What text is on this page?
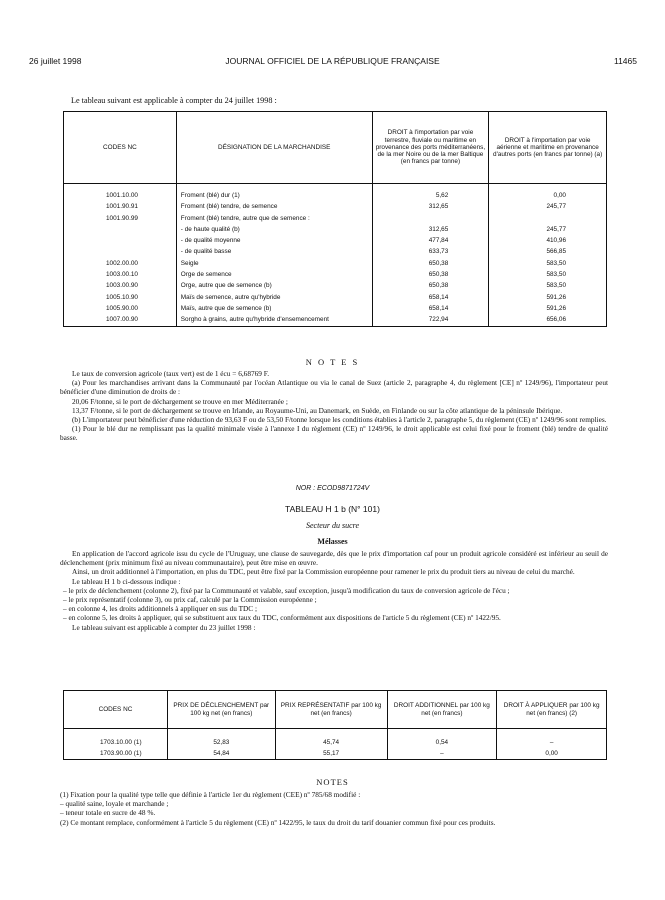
26 juillet 1998	JOURNAL OFFICIEL DE LA RÉPUBLIQUE FRANÇAISE	11465
Le tableau suivant est applicable à compter du 24 juillet 1998 :
CODES NC	DÉSIGNATION DE LA MARCHANDISE	DROIT à l'importation par voie terrestre, fluviale ou maritime en provenance des ports méditerranéens, de la mer Noire ou de la mer Baltique (en francs par tonne)	DROIT à l'importation par voie aérienne et maritime en provenance d'autres ports (en francs par tonne) (a)

1001.10.00	Froment (blé) dur (1)	5,62	0,00
1001.90.91	Froment (blé) tendre, de semence	312,65	245,77
1001.90.99	Froment (blé) tendre, autre que de semence :		
	- de haute qualité (b)	312,65	245,77
	- de qualité moyenne	477,84	410,96
	- de qualité basse	633,73	566,85
1002.00.00	Seigle	650,38	583,50
1003.00.10	Orge de semence	650,38	583,50
1003.00.90	Orge, autre que de semence (b)	650,38	583,50
1005.10.90	Maïs de semence, autre qu'hybride	658,14	591,26
1005.90.00	Maïs, autre que de semence (b)	658,14	591,26
1007.00.90	Sorgho à grains, autre qu'hybride d'ensemencement	722,94	656,06
N O T E S
Le taux de conversion agricole (taux vert) est de 1 écu = 6,68769 F.
(a) Pour les marchandises arrivant dans la Communauté par l'océan Atlantique ou via le canal de Suez (article 2, paragraphe 4, du règlement [CE] nº 1249/96), l'importateur peut bénéficier d'une diminution de droits de :
20,06 F/tonne, si le port de déchargement se trouve en mer Méditerranée ;
13,37 F/tonne, si le port de déchargement se trouve en Irlande, au Royaume-Uni, au Danemark, en Suède, en Finlande ou sur la côte atlantique de la péninsule Ibérique.
(b) L'importateur peut bénéficier d'une réduction de 93,63 F ou de 53,50 F/tonne lorsque les conditions établies à l'article 2, paragraphe 5, du règlement (CE) nº 1249/96 sont remplies.
(1) Pour le blé dur ne remplissant pas la qualité minimale visée à l'annexe I du règlement (CE) nº 1249/96, le droit applicable est celui fixé pour le froment (blé) tendre de qualité basse.
NOR : ECOD9871724V
TABLEAU H 1 b (N° 101)
Secteur du sucre
Mélasses
En application de l'accord agricole issu du cycle de l'Uruguay, une clause de sauvegarde, dès que le prix d'importation caf pour un produit agricole considéré est inférieur au seuil de déclenchement (prix minimum fixé au niveau communautaire), peut être mise en œuvre.
Ainsi, un droit additionnel à l'importation, en plus du TDC, peut être fixé par la Commission européenne pour ramener le prix du produit tiers au niveau de celui du marché.
Le tableau H 1 b ci-dessous indique :
– le prix de déclenchement (colonne 2), fixé par la Communauté et valable, sauf exception, jusqu'à modification du taux de conversion agricole de l'écu ;
– le prix représentatif (colonne 3), ou prix caf, calculé par la Commission européenne ;
– en colonne 4, les droits additionnels à appliquer en sus du TDC ;
– en colonne 5, les droits à appliquer, qui se substituent aux taux du TDC, conformément aux dispositions de l'article 5 du règlement (CE) nº 1422/95.
Le tableau suivant est applicable à compter du 23 juillet 1998 :
CODES NC	PRIX DE DÉCLENCHEMENT par 100 kg net (en francs)	PRIX REPRÉSENTATIF par 100 kg net (en francs)	DROIT ADDITIONNEL par 100 kg net (en francs)	DROIT À APPLIQUER par 100 kg net (en francs) (2)

1703.10.00 (1)	52,83	45,74	0,54	–
1703.90.00 (1)	54,84	55,17	–	0,00
NOTES
(1) Fixation pour la qualité type telle que définie à l'article 1er du règlement (CEE) nº 785/68 modifié :
– qualité saine, loyale et marchande ;
– teneur totale en sucre de 48 %.
(2) Ce montant remplace, conformément à l'article 5 du règlement (CE) nº 1422/95, le taux du droit du tarif douanier commun fixé pour ces produits.
